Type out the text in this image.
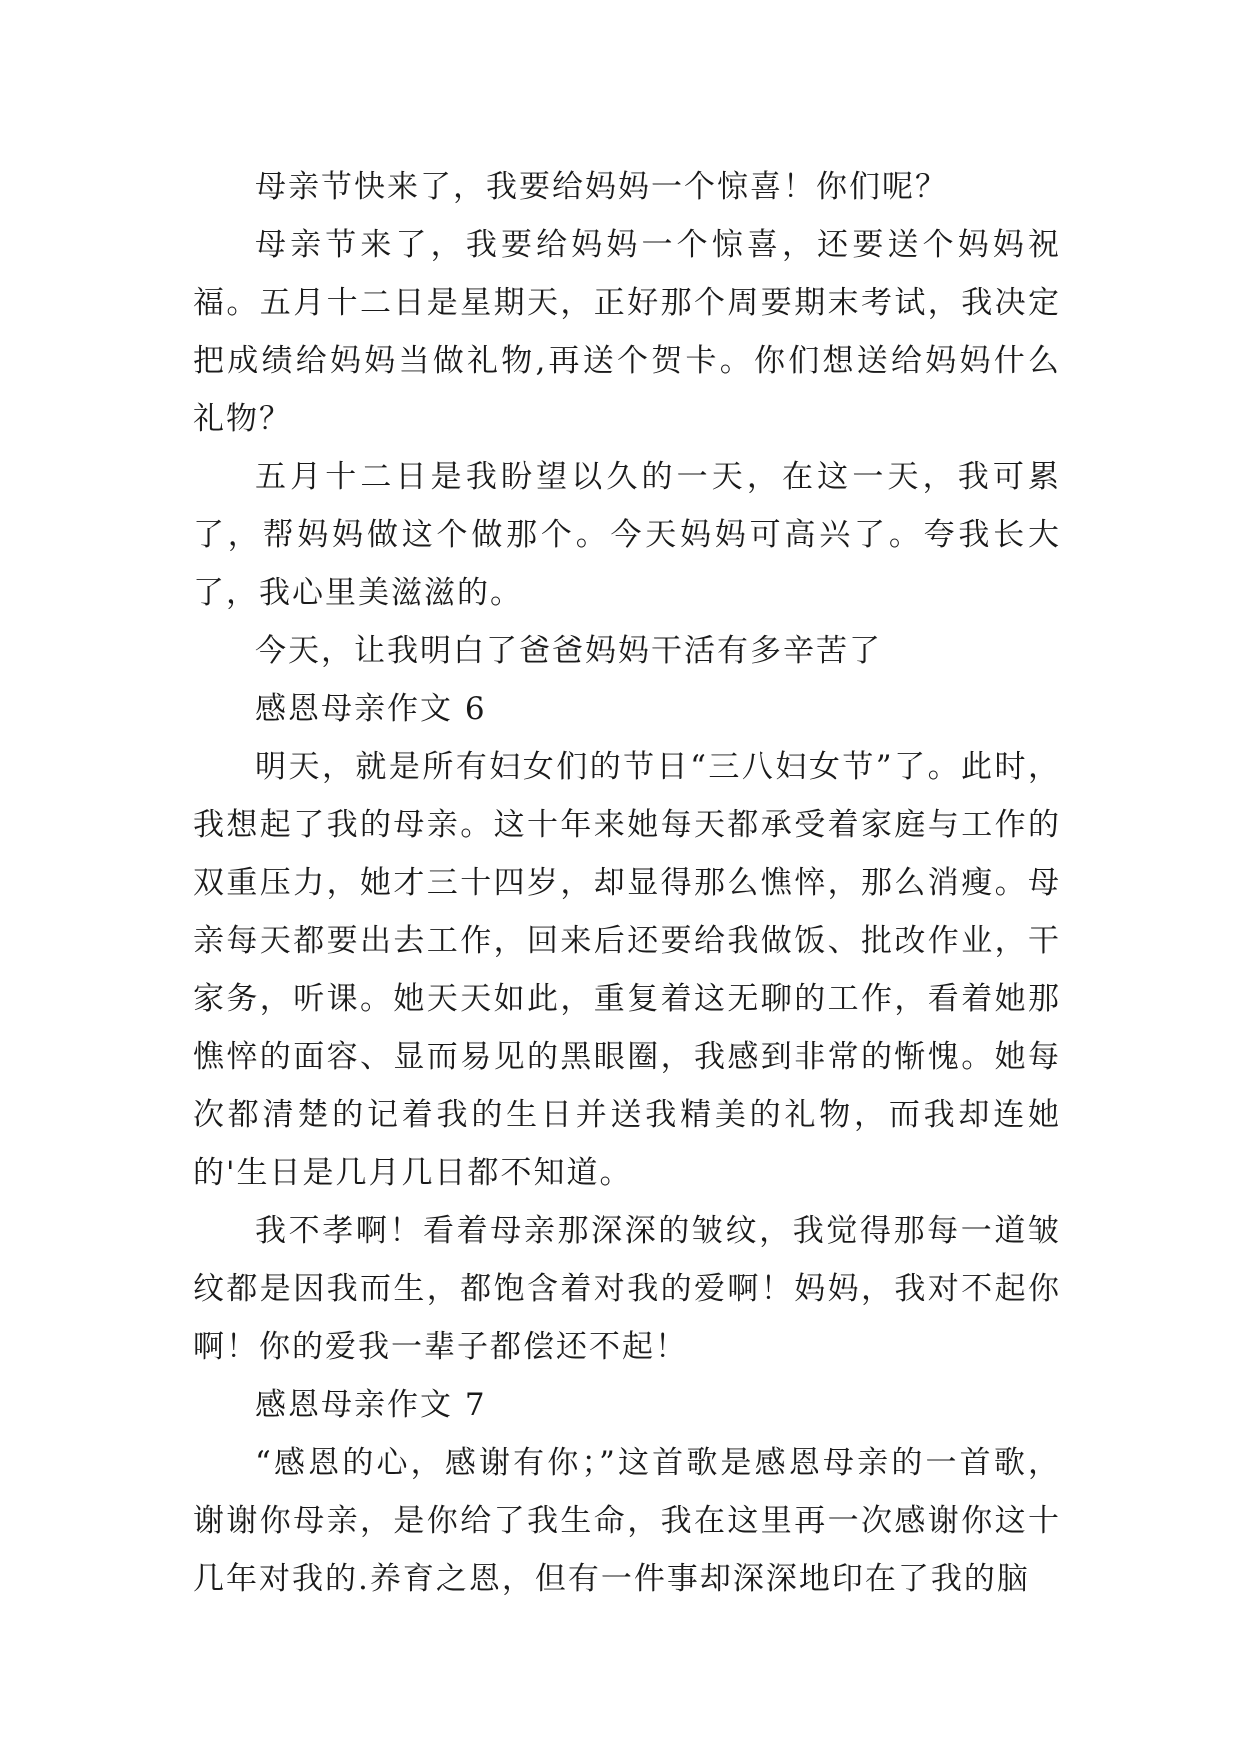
母亲节快来了，我要给妈妈一个惊喜！你们呢？

母亲节来了，我要给妈妈一个惊喜，还要送个妈妈祝福。五月十二日是星期天，正好那个周要期末考试，我决定把成绩给妈妈当做礼物,再送个贺卡。你们想送给妈妈什么礼物？

五月十二日是我盼望以久的一天，在这一天，我可累了，帮妈妈做这个做那个。今天妈妈可高兴了。夸我长大了，我心里美滋滋的。

今天，让我明白了爸爸妈妈干活有多辛苦了

感恩母亲作文 6

明天，就是所有妇女们的节日“三八妇女节”了。此时，我想起了我的母亲。这十年来她每天都承受着家庭与工作的双重压力，她才三十四岁，却显得那么憔悴，那么消瘦。母亲每天都要出去工作，回来后还要给我做饭、批改作业，干家务，听课。她天天如此，重复着这无聊的工作，看着她那憔悴的面容、显而易见的黑眼圈，我感到非常的惭愧。她每次都清楚的记着我的生日并送我精美的礼物，而我却连她的'生日是几月几日都不知道。

我不孝啊！看着母亲那深深的皱纹，我觉得那每一道皱纹都是因我而生，都饱含着对我的爱啊！妈妈，我对不起你啊！你的爱我一辈子都偿还不起！

感恩母亲作文 7

“感恩的心，感谢有你；”这首歌是感恩母亲的一首歌，谢谢你母亲，是你给了我生命，我在这里再一次感谢你这十几年对我的.养育之恩，但有一件事却深深地印在了我的脑
